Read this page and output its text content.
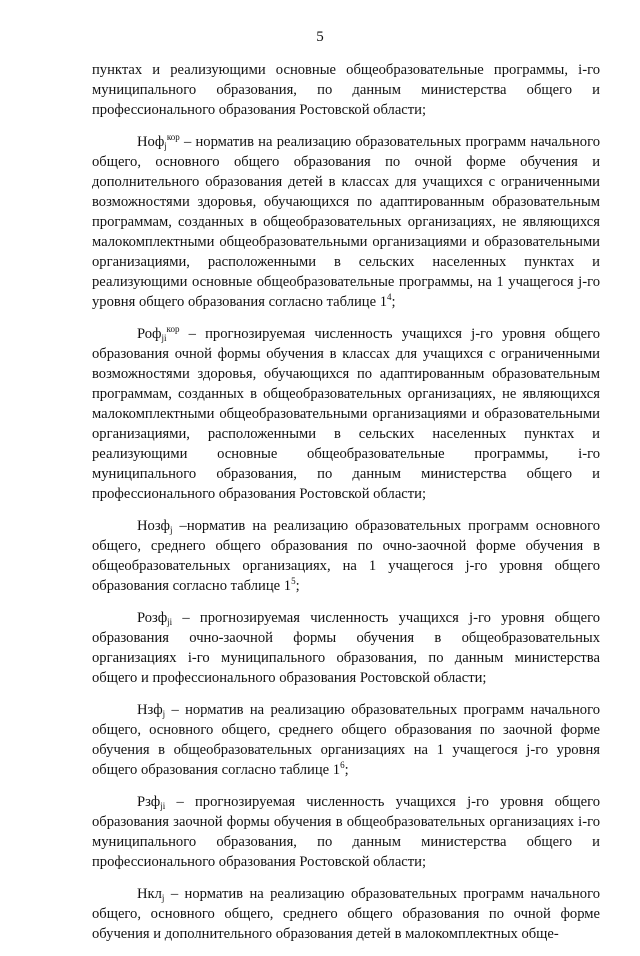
5

пунктах и реализующими основные общеобразовательные программы, i-го муниципального образования, по данным министерства общего и профессионального образования Ростовской области;

Ноф$_j^{кор}$ – норматив на реализацию образовательных программ начального общего, основного общего образования по очной форме обучения и дополнительного образования детей в классах для учащихся с ограниченными возможностями здоровья, обучающихся по адаптированным образовательным программам, созданных в общеобразовательных организациях, не являющихся малокомплектными общеобразовательными организациями и образовательными организациями, расположенными в сельских населенных пунктах и реализующими основные общеобразовательные программы, на 1 учащегося j-го уровня общего образования согласно таблице 1$^4$;

Роф$_{ji}^{кор}$ – прогнозируемая численность учащихся j-го уровня общего образования очной формы обучения в классах для учащихся с ограниченными возможностями здоровья, обучающихся по адаптированным образовательным программам, созданных в общеобразовательных организациях, не являющихся малокомплектными общеобразовательными организациями и образовательными организациями, расположенными в сельских населенных пунктах и реализующими основные общеобразовательные программы, i-го муниципального образования, по данным министерства общего и профессионального образования Ростовской области;

Нозф$_j$ –норматив на реализацию образовательных программ основного общего, среднего общего образования по очно-заочной форме обучения в общеобразовательных организациях, на 1 учащегося j-го уровня общего образования согласно таблице 1$^5$;

Розф$_{ji}$ – прогнозируемая численность учащихся j-го уровня общего образования очно-заочной формы обучения в общеобразовательных организациях i-го муниципального образования, по данным министерства общего и профессионального образования Ростовской области;

Нзф$_j$ – норматив на реализацию образовательных программ начального общего, основного общего, среднего общего образования по заочной форме обучения в общеобразовательных организациях на 1 учащегося j-го уровня общего образования согласно таблице 1$^6$;

Рзф$_{ji}$ – прогнозируемая численность учащихся j-го уровня общего образования заочной формы обучения в общеобразовательных организациях i-го муниципального образования, по данным министерства общего и профессионального образования Ростовской области;

Нкл$_j$ – норматив на реализацию образовательных программ начального общего, основного общего, среднего общего образования по очной форме обучения и дополнительного образования детей в малокомплектных обще-
